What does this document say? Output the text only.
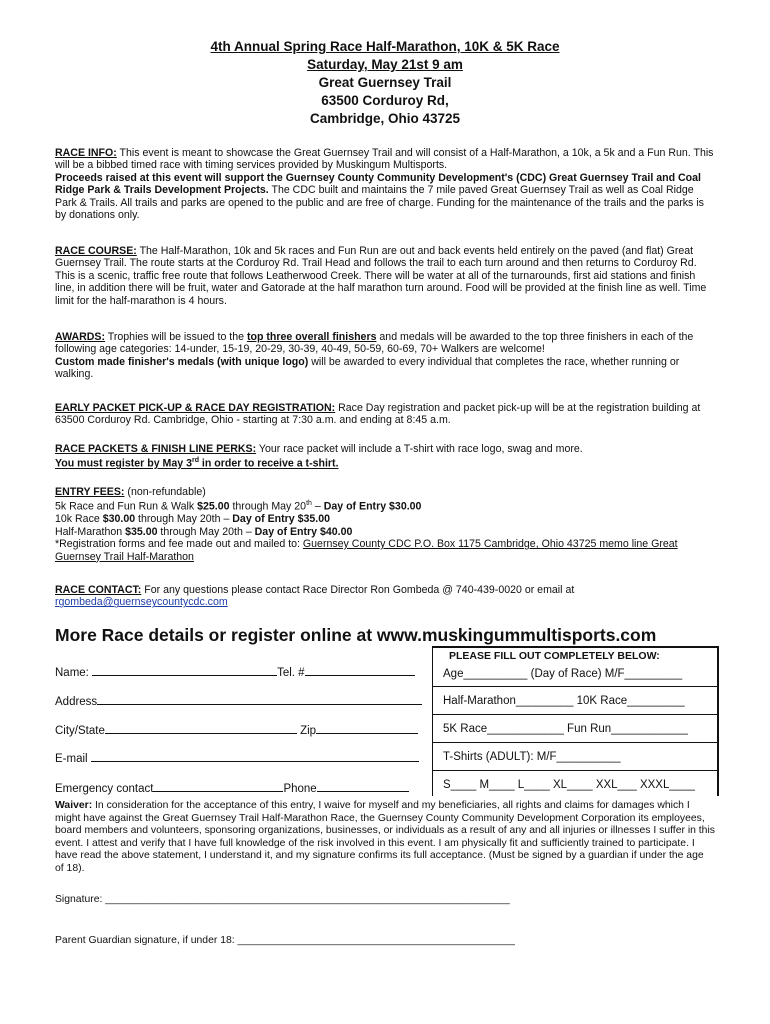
4th Annual Spring Race Half-Marathon, 10K & 5K Race
Saturday, May 21st 9 am
Great Guernsey Trail
63500 Corduroy Rd,
Cambridge, Ohio 43725

RACE INFO: This event is meant to showcase the Great Guernsey Trail and will consist of a Half-Marathon, a 10k, a 5k and a Fun Run. This will be a bibbed timed race with timing services provided by Muskingum Multisports.

Proceeds raised at this event will support the Guernsey County Community Development's (CDC) Great Guernsey Trail and Coal Ridge Park & Trails Development Projects. The CDC built and maintains the 7 mile paved Great Guernsey Trail as well as Coal Ridge Park & Trails. All trails and parks are opened to the public and are free of charge. Funding for the maintenance of the trails and the parks is by donations only.

RACE COURSE: The Half-Marathon, 10k and 5k races and Fun Run are out and back events held entirely on the paved (and flat) Great Guernsey Trail. The route starts at the Corduroy Rd. Trail Head and follows the trail to each turn around and then returns to Corduroy Rd. This is a scenic, traffic free route that follows Leatherwood Creek. There will be water at all of the turnarounds, first aid stations and finish line, in addition there will be fruit, water and Gatorade at the half marathon turn around. Food will be provided at the finish line as well. Time limit for the half-marathon is 4 hours.

AWARDS: Trophies will be issued to the top three overall finishers and medals will be awarded to the top three finishers in each of the following age categories: 14-under, 15-19, 20-29, 30-39, 40-49, 50-59, 60-69, 70+ Walkers are welcome!

Custom made finisher's medals (with unique logo) will be awarded to every individual that completes the race, whether running or walking.

EARLY PACKET PICK-UP & RACE DAY REGISTRATION: Race Day registration and packet pick-up will be at the registration building at 63500 Corduroy Rd. Cambridge, Ohio - starting at 7:30 a.m. and ending at 8:45 a.m.

RACE PACKETS & FINISH LINE PERKS: Your race packet will include a T-shirt with race logo, swag and more.

You must register by May 3rd in order to receive a t-shirt.

ENTRY FEES: (non-refundable)

5k Race and Fun Run & Walk $25.00 through May 20th – Day of Entry $30.00

10k Race $30.00 through May 20th – Day of Entry $35.00

Half-Marathon $35.00 through May 20th – Day of Entry $40.00

*Registration forms and fee made out and mailed to: Guernsey County CDC P.O. Box 1175 Cambridge, Ohio 43725 memo line Great Guernsey Trail Half-Marathon

RACE CONTACT: For any questions please contact Race Director Ron Gombeda @ 740-439-0020 or email at

rgombeda@guernseycountycdc.com

More Race details or register online at www.muskingummultisports.com
Name:	Tel. #
Address
City/State	Zip
E-mail
Emergency contact	Phone
PLEASE FILL OUT COMPLETELY BELOW:
Age__________ (Day of Race) M/F_________
Half-Marathon_________ 10K Race_________
5K Race____________ Fun Run____________
T-Shirts (ADULT): M/F__________
S____ M____ L____ XL____ XXL___ XXXL____
Waiver: In consideration for the acceptance of this entry, I waive for myself and my beneficiaries, all rights and claims for damages which I might have against the Great Guernsey Trail Half-Marathon Race, the Guernsey County Community Development Corporation its employees, board members and volunteers, sponsoring organizations, businesses, or individuals as a result of any and all injuries or illnesses I suffer in this event. I attest and verify that I have full knowledge of the risk involved in this event. I am physically fit and sufficiently trained to participate. I have read the above statement, I understand it, and my signature confirms its full acceptance. (Must be signed by a guardian if under the age of 18).
Signature: ______________________________________________________________________
Parent Guardian signature, if under 18: ________________________________________________
